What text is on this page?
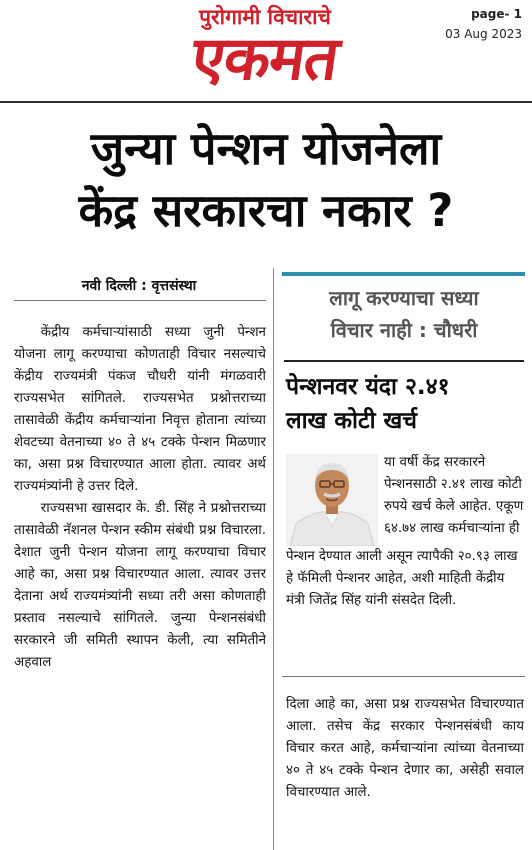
पुरोगामी विचाराचे
एकमत
page- 1
03 Aug 2023
जुन्या पेन्शन योजनेला
केंद्र सरकारचा नकार ?
नवी दिल्ली : वृत्तसंस्था

केंद्रीय कर्मचाऱ्यांसाठी सध्या जुनी पेन्शन योजना लागू करण्याचा कोणताही विचार नसल्याचे केंद्रीय राज्यमंत्री पंकज चौधरी यांनी मंगळवारी राज्यसभेत सांगितले. राज्यसभेत प्रश्नोत्तराच्या तासावेळी केंद्रीय कर्मचाऱ्यांना निवृत्त होताना त्यांच्या शेवटच्या वेतनाच्या ४० ते ४५ टक्के पेन्शन मिळणार का, असा प्रश्न विचारण्यात आला होता. त्यावर अर्थ राज्यमंत्र्यांनी हे उत्तर दिले.

राज्यसभा खासदार के. डी. सिंह ने प्रश्नोत्तराच्या तासावेळी नॅशनल पेन्शन स्कीम संबंधी प्रश्न विचारला. देशात जुनी पेन्शन योजना लागू करण्याचा विचार आहे का, असा प्रश्न विचारण्यात आला. त्यावर उत्तर देताना अर्थ राज्यमंत्र्यांनी सध्या तरी असा कोणताही प्रस्ताव नसल्याचे सांगितले. जुन्या पेन्शनसंबंधी सरकारने जी समिती स्थापन केली, त्या समितीने अहवाल

लागू करण्याचा सध्या
विचार नाही : चौधरी
पेन्शनवर यंदा २.४१
लाख कोटी खर्च
या वर्षी केंद्र सरकारने पेन्शनसाठी २.४१ लाख कोटी रुपये खर्च केले आहेत. एकूण ६४.७४ लाख कर्मचाऱ्यांना ही
पेन्शन देण्यात आली असून त्यापैकी २०.९३ लाख हे फॅमिली पेन्शनर आहेत, अशी माहिती केंद्रीय मंत्री जितेंद्र सिंह यांनी संसदेत दिली.

दिला आहे का, असा प्रश्न राज्यसभेत विचारण्यात आला. तसेच केंद्र सरकार पेन्शनसंबंधी काय विचार करत आहे, कर्मचाऱ्यांना त्यांच्या वेतनाच्या ४० ते ४५ टक्के पेन्शन देणार का, असेही सवाल विचारण्यात आले.
